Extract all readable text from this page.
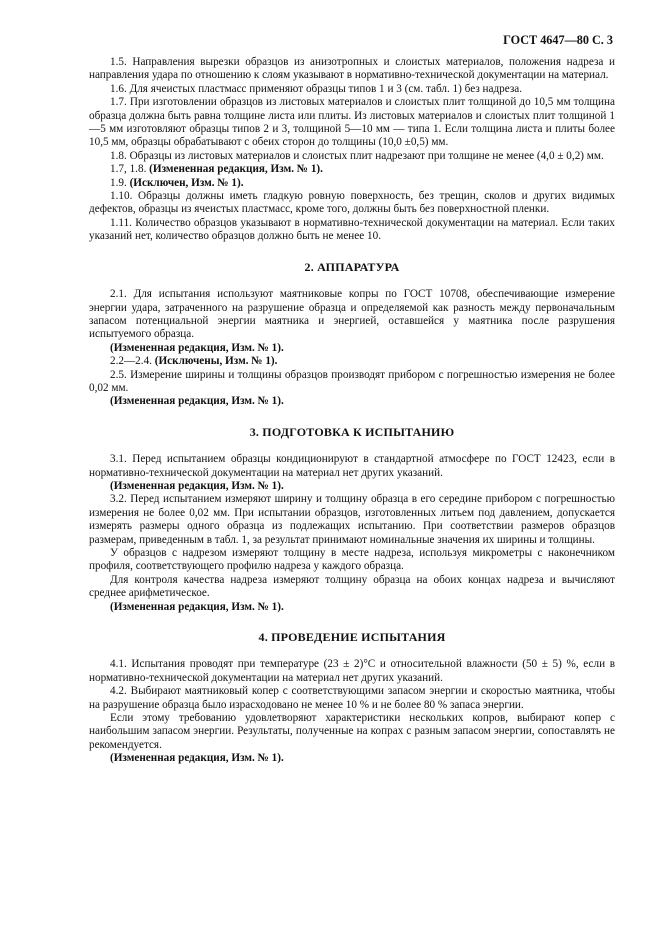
ГОСТ 4647—80 С. 3

1.5. Направления вырезки образцов из анизотропных и слоистых материалов, положения надреза и направления удара по отношению к слоям указывают в нормативно-технической документации на материал.

1.6. Для ячеистых пластмасс применяют образцы типов 1 и 3 (см. табл. 1) без надреза.

1.7. При изготовлении образцов из листовых материалов и слоистых плит толщиной до 10,5 мм толщина образца должна быть равна толщине листа или плиты. Из листовых материалов и слоистых плит толщиной 1—5 мм изготовляют образцы типов 2 и 3, толщиной 5—10 мм — типа 1. Если толщина листа и плиты более 10,5 мм, образцы обрабатывают с обеих сторон до толщины (10,0 ±0,5) мм.

1.8. Образцы из листовых материалов и слоистых плит надрезают при толщине не менее (4,0 ± 0,2) мм.

1.7, 1.8. (Измененная редакция, Изм. № 1).

1.9. (Исключен, Изм. № 1).

1.10. Образцы должны иметь гладкую ровную поверхность, без трещин, сколов и других видимых дефектов, образцы из ячеистых пластмасс, кроме того, должны быть без поверхностной пленки.

1.11. Количество образцов указывают в нормативно-технической документации на материал. Если таких указаний нет, количество образцов должно быть не менее 10.

2. АППАРАТУРА

2.1. Для испытания используют маятниковые копры по ГОСТ 10708, обеспечивающие измерение энергии удара, затраченного на разрушение образца и определяемой как разность между первоначальным запасом потенциальной энергии маятника и энергией, оставшейся у маятника после разрушения испытуемого образца.

(Измененная редакция, Изм. № 1).

2.2—2.4. (Исключены, Изм. № 1).

2.5. Измерение ширины и толщины образцов производят прибором с погрешностью измерения не более 0,02 мм.

(Измененная редакция, Изм. № 1).

3. ПОДГОТОВКА К ИСПЫТАНИЮ

3.1. Перед испытанием образцы кондиционируют в стандартной атмосфере по ГОСТ 12423, если в нормативно-технической документации на материал нет других указаний.

(Измененная редакция, Изм. № 1).

3.2. Перед испытанием измеряют ширину и толщину образца в его середине прибором с погрешностью измерения не более 0,02 мм. При испытании образцов, изготовленных литьем под давлением, допускается измерять размеры одного образца из подлежащих испытанию. При соответствии размеров образцов размерам, приведенным в табл. 1, за результат принимают номинальные значения их ширины и толщины.

У образцов с надрезом измеряют толщину в месте надреза, используя микрометры с наконечником профиля, соответствующего профилю надреза у каждого образца.

Для контроля качества надреза измеряют толщину образца на обоих концах надреза и вычисляют среднее арифметическое.

(Измененная редакция, Изм. № 1).

4. ПРОВЕДЕНИЕ ИСПЫТАНИЯ

4.1. Испытания проводят при температуре (23 ± 2)°С и относительной влажности (50 ± 5) %, если в нормативно-технической документации на материал нет других указаний.

4.2. Выбирают маятниковый копер с соответствующими запасом энергии и скоростью маятника, чтобы на разрушение образца было израсходовано не менее 10 % и не более 80 % запаса энергии.

Если этому требованию удовлетворяют характеристики нескольких копров, выбирают копер с наибольшим запасом энергии. Результаты, полученные на копрах с разным запасом энергии, сопоставлять не рекомендуется.

(Измененная редакция, Изм. № 1).
